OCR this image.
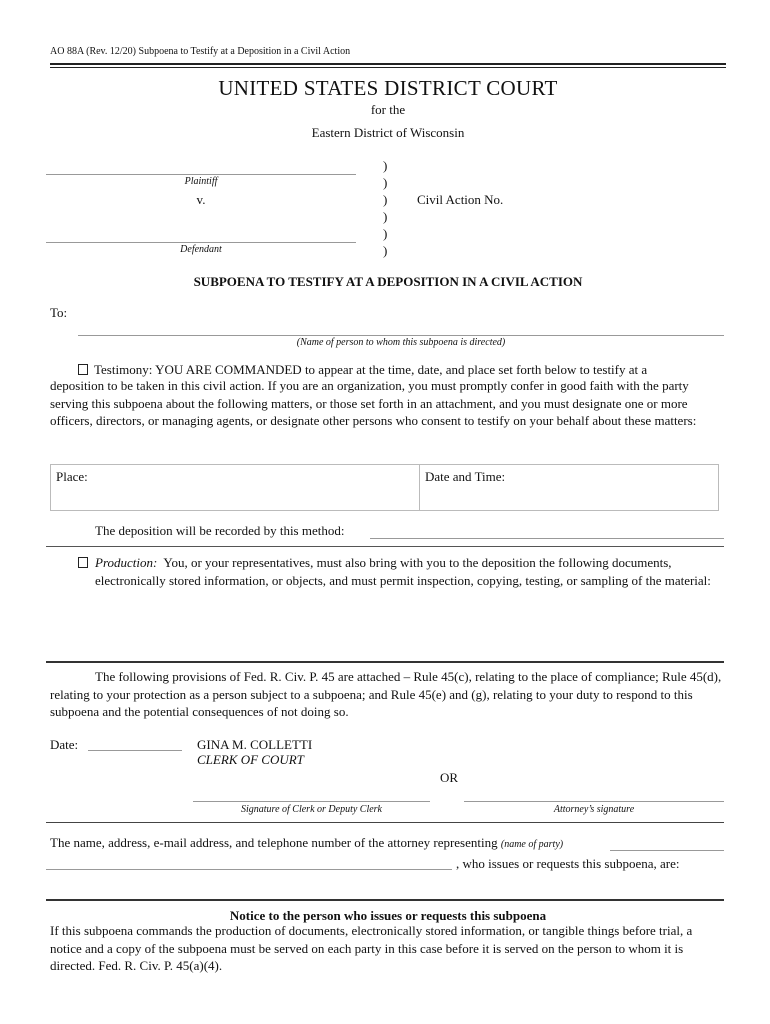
AO 88A (Rev. 12/20) Subpoena to Testify at a Deposition in a Civil Action
UNITED STATES DISTRICT COURT
for the
Eastern District of Wisconsin
Plaintiff
v.
Defendant
)
)
)
)
)
)
Civil Action No.
SUBPOENA TO TESTIFY AT A DEPOSITION IN A CIVIL ACTION
To:
(Name of person to whom this subpoena is directed)
Testimony: YOU ARE COMMANDED to appear at the time, date, and place set forth below to testify at a
deposition to be taken in this civil action. If you are an organization, you must promptly confer in good faith with the party serving this subpoena about the following matters, or those set forth in an attachment, and you must designate one or more officers, directors, or managing agents, or designate other persons who consent to testify on your behalf about these matters:
Place:	Date and Time:
The deposition will be recorded by this method:
Production: You, or your representatives, must also bring with you to the deposition the following documents, electronically stored information, or objects, and must permit inspection, copying, testing, or sampling of the material:
The following provisions of Fed. R. Civ. P. 45 are attached – Rule 45(c), relating to the place of compliance; Rule 45(d), relating to your protection as a person subject to a subpoena; and Rule 45(e) and (g), relating to your duty to respond to this subpoena and the potential consequences of not doing so.
Date:	GINA M. COLLETTI
CLERK OF COURT
OR
Signature of Clerk or Deputy Clerk	Attorney’s signature
The name, address, e-mail address, and telephone number of the attorney representing (name of party)
, who issues or requests this subpoena, are:
Notice to the person who issues or requests this subpoena
If this subpoena commands the production of documents, electronically stored information, or tangible things before trial, a notice and a copy of the subpoena must be served on each party in this case before it is served on the person to whom it is directed. Fed. R. Civ. P. 45(a)(4).
